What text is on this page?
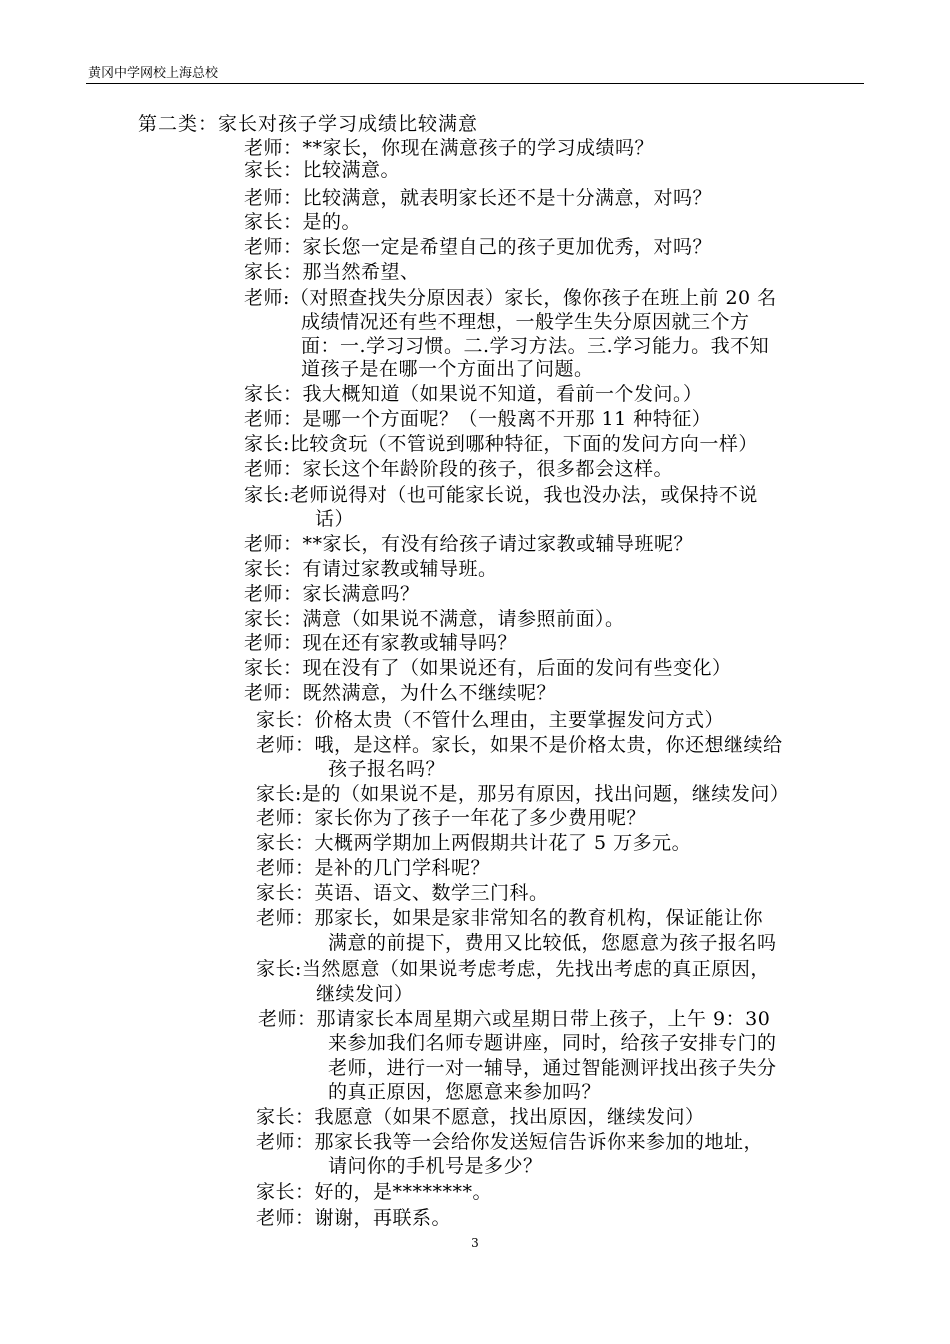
黄冈中学网校上海总校
第二类：家长对孩子学习成绩比较满意
老师：**家长，你现在满意孩子的学习成绩吗？
家长：比较满意。
老师：比较满意，就表明家长还不是十分满意，对吗？
家长：是的。
老师：家长您一定是希望自己的孩子更加优秀，对吗？
家长：那当然希望、
老师:（对照查找失分原因表）家长，像你孩子在班上前 20 名
成绩情况还有些不理想，一般学生失分原因就三个方
面：一.学习习惯。二.学习方法。三.学习能力。我不知
道孩子是在哪一个方面出了问题。
家长：我大概知道（如果说不知道，看前一个发问。）
老师：是哪一个方面呢？（一般离不开那 11 种特征）
家长:比较贪玩（不管说到哪种特征，下面的发问方向一样）
老师：家长这个年龄阶段的孩子，很多都会这样。
家长:老师说得对（也可能家长说，我也没办法，或保持不说
话）
老师：**家长，有没有给孩子请过家教或辅导班呢？
家长：有请过家教或辅导班。
老师：家长满意吗？
家长：满意（如果说不满意，请参照前面）。
老师：现在还有家教或辅导吗？
家长：现在没有了（如果说还有，后面的发问有些变化）
老师：既然满意，为什么不继续呢？
家长：价格太贵（不管什么理由，主要掌握发问方式）
老师：哦，是这样。家长，如果不是价格太贵，你还想继续给
孩子报名吗？
家长:是的（如果说不是，那另有原因，找出问题，继续发问）
老师：家长你为了孩子一年花了多少费用呢？
家长：大概两学期加上两假期共计花了 5 万多元。
老师：是补的几门学科呢？
家长：英语、语文、数学三门科。
老师：那家长，如果是家非常知名的教育机构，保证能让你
满意的前提下，费用又比较低，您愿意为孩子报名吗
家长:当然愿意（如果说考虑考虑，先找出考虑的真正原因，
继续发问）
老师：那请家长本周星期六或星期日带上孩子，上午 9：30
来参加我们名师专题讲座，同时，给孩子安排专门的
老师，进行一对一辅导，通过智能测评找出孩子失分
的真正原因，您愿意来参加吗？
家长：我愿意（如果不愿意，找出原因，继续发问）
老师：那家长我等一会给你发送短信告诉你来参加的地址，
请问你的手机号是多少？
家长：好的，是********。
老师：谢谢，再联系。
3
